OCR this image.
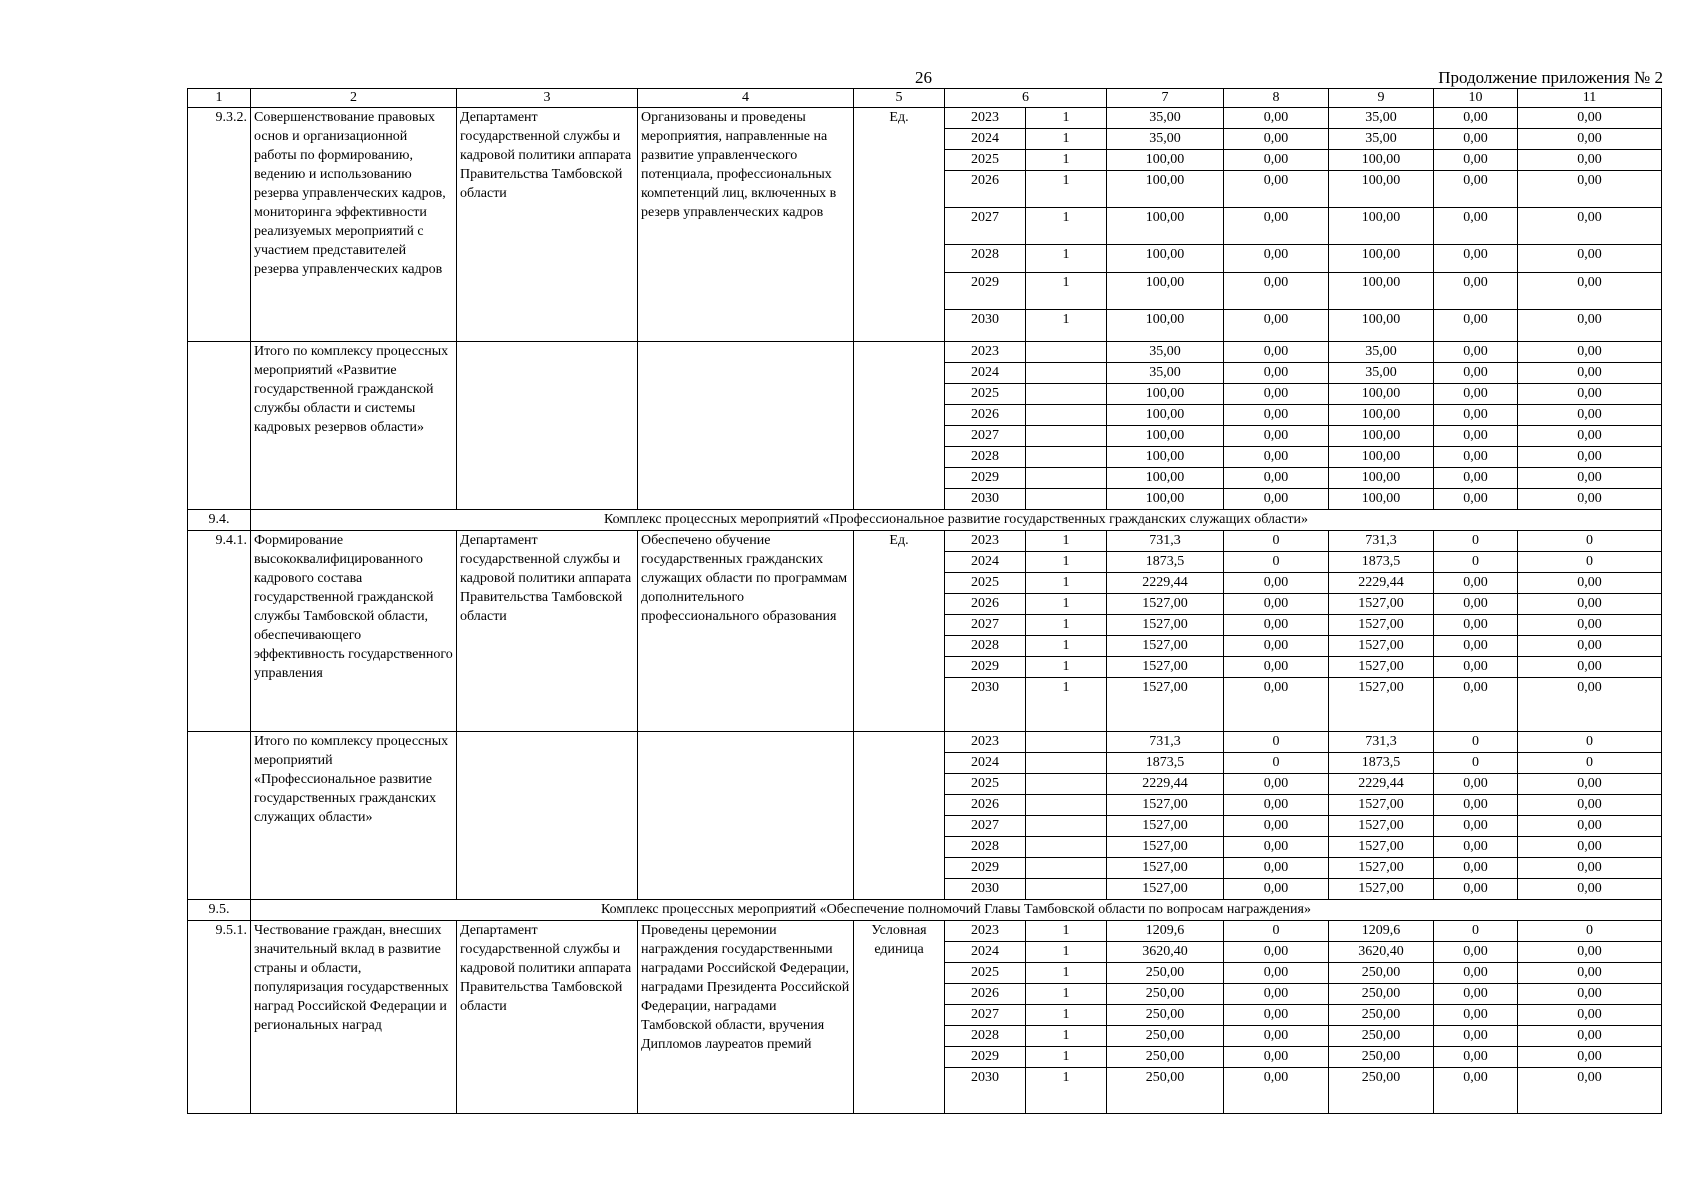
26	Продолжение приложения № 2
1	2	3	4	5	6		7	8	9	10	11
9.3.2.	Совершенствование правовых основ и организационной работы по формированию, ведению и использованию резерва управленческих кадров, мониторинга эффективности реализуемых мероприятий с участием представителей резерва управленческих кадров	Департамент государственной службы и кадровой политики аппарата Правительства Тамбовской области	Организованы и проведены мероприятия, направленные на развитие управленческого потенциала, профессиональных компетенций лиц, включенных в резерв управленческих кадров	Ед.	2023	1	35,00	0,00	35,00	0,00	0,00
					2024	1	35,00	0,00	35,00	0,00	0,00
					2025	1	100,00	0,00	100,00	0,00	0,00
					2026	1	100,00	0,00	100,00	0,00	0,00
					2027	1	100,00	0,00	100,00	0,00	0,00
					2028	1	100,00	0,00	100,00	0,00	0,00
					2029	1	100,00	0,00	100,00	0,00	0,00
					2030	1	100,00	0,00	100,00	0,00	0,00
	Итого по комплексу процессных мероприятий «Развитие государственной гражданской службы области и системы кадровых резервов области»				2023		35,00	0,00	35,00	0,00	0,00
					2024		35,00	0,00	35,00	0,00	0,00
					2025		100,00	0,00	100,00	0,00	0,00
					2026		100,00	0,00	100,00	0,00	0,00
					2027		100,00	0,00	100,00	0,00	0,00
					2028		100,00	0,00	100,00	0,00	0,00
					2029		100,00	0,00	100,00	0,00	0,00
					2030		100,00	0,00	100,00	0,00	0,00
9.4.	Комплекс процессных мероприятий «Профессиональное развитие государственных гражданских служащих области»										
9.4.1.	Формирование высококвалифицированного кадрового состава государственной гражданской службы Тамбовской области, обеспечивающего эффективность государственного управления	Департамент государственной службы и кадровой политики аппарата Правительства Тамбовской области	Обеспечено обучение государственных гражданских служащих области по программам дополнительного профессионального образования	Ед.	2023	1	731,3	0	731,3	0	0
					2024	1	1873,5	0	1873,5	0	0
					2025	1	2229,44	0,00	2229,44	0,00	0,00
					2026	1	1527,00	0,00	1527,00	0,00	0,00
					2027	1	1527,00	0,00	1527,00	0,00	0,00
					2028	1	1527,00	0,00	1527,00	0,00	0,00
					2029	1	1527,00	0,00	1527,00	0,00	0,00
					2030	1	1527,00	0,00	1527,00	0,00	0,00
	Итого по комплексу процессных мероприятий «Профессиональное развитие государственных гражданских служащих области»				2023		731,3	0	731,3	0	0
					2024		1873,5	0	1873,5	0	0
					2025		2229,44	0,00	2229,44	0,00	0,00
					2026		1527,00	0,00	1527,00	0,00	0,00
					2027		1527,00	0,00	1527,00	0,00	0,00
					2028		1527,00	0,00	1527,00	0,00	0,00
					2029		1527,00	0,00	1527,00	0,00	0,00
					2030		1527,00	0,00	1527,00	0,00	0,00
9.5.	Комплекс процессных мероприятий «Обеспечение полномочий Главы Тамбовской области по вопросам награждения»										
9.5.1.	Чествование граждан, внесших значительный вклад в развитие страны и области, популяризация государственных наград Российской Федерации и региональных наград	Департамент государственной службы и кадровой политики аппарата Правительства Тамбовской области	Проведены церемонии награждения государственными наградами Российской Федерации, наградами Президента Российской Федерации, наградами Тамбовской области, вручения Дипломов лауреатов премий	Условная единица	2023	1	1209,6	0	1209,6	0	0
					2024	1	3620,40	0,00	3620,40	0,00	0,00
					2025	1	250,00	0,00	250,00	0,00	0,00
					2026	1	250,00	0,00	250,00	0,00	0,00
					2027	1	250,00	0,00	250,00	0,00	0,00
					2028	1	250,00	0,00	250,00	0,00	0,00
					2029	1	250,00	0,00	250,00	0,00	0,00
					2030	1	250,00	0,00	250,00	0,00	0,00
